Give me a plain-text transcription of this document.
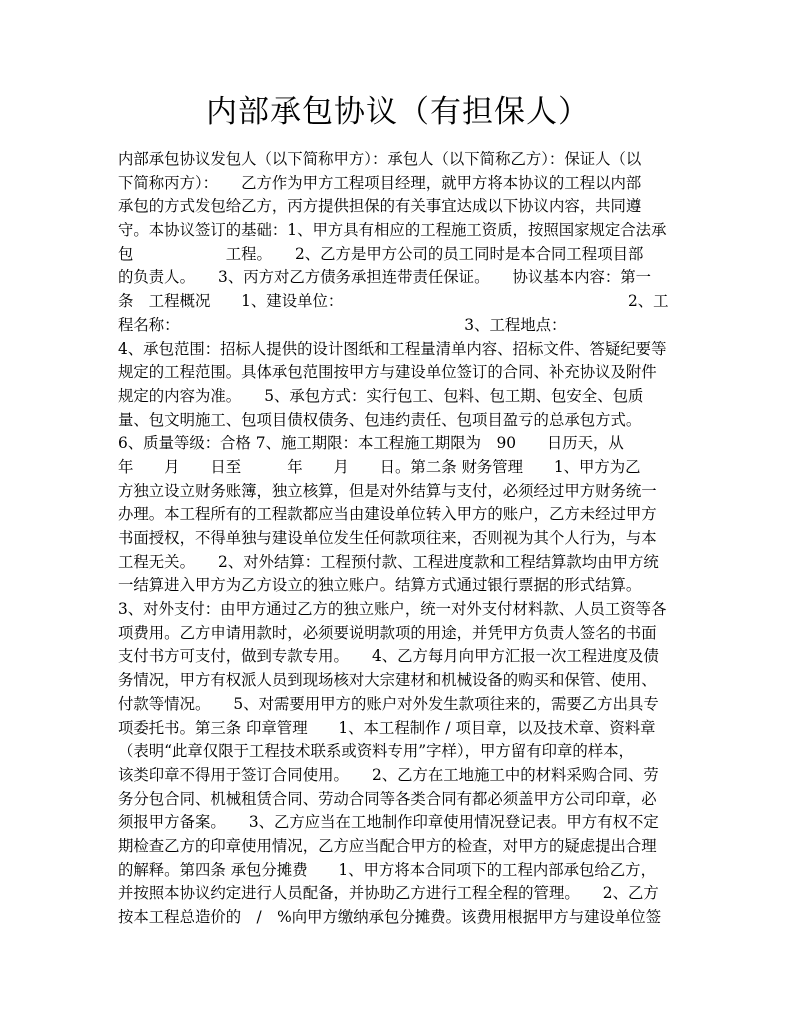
内部承包协议（有担保人）
内部承包协议发包人（以下简称甲方）：承包人（以下简称乙方）：保证人（以
下简称丙方）：　　乙方作为甲方工程项目经理，就甲方将本协议的工程以内部
承包的方式发包给乙方，丙方提供担保的有关事宜达成以下协议内容，共同遵
守。本协议签订的基础：1、甲方具有相应的工程施工资质，按照国家规定合法承
包　　　　　　工程。　　2、乙方是甲方公司的员工同时是本合同工程项目部
的负责人。　　3、丙方对乙方债务承担连带责任保证。　　协议基本内容：第一
条　工程概况　　1、建设单位：　　　　　　　　　　　　　　　　　　　2、工
程名称：　　　　　　　　　　　　　　　　　　　3、工程地点：
4、承包范围：招标人提供的设计图纸和工程量清单内容、招标文件、答疑纪要等
规定的工程范围。具体承包范围按甲方与建设单位签订的合同、补充协议及附件
规定的内容为准。　　5、承包方式：实行包工、包料、包工期、包安全、包质
量、包文明施工、包项目债权债务、包违约责任、包项目盈亏的总承包方式。
6、质量等级：合格 7、施工期限：本工程施工期限为　90　　日历天，从
年　　月　　日至　　　年　　月　　日。第二条 财务管理　　1、甲方为乙
方独立设立财务账簿，独立核算，但是对外结算与支付，必须经过甲方财务统一
办理。本工程所有的工程款都应当由建设单位转入甲方的账户，乙方未经过甲方
书面授权，不得单独与建设单位发生任何款项往来，否则视为其个人行为，与本
工程无关。　　2、对外结算：工程预付款、工程进度款和工程结算款均由甲方统
一结算进入甲方为乙方设立的独立账户。结算方式通过银行票据的形式结算。
3、对外支付：由甲方通过乙方的独立账户，统一对外支付材料款、人员工资等各
项费用。乙方申请用款时，必须要说明款项的用途，并凭甲方负责人签名的书面
支付书方可支付，做到专款专用。　　4、乙方每月向甲方汇报一次工程进度及债
务情况，甲方有权派人员到现场核对大宗建材和机械设备的购买和保管、使用、
付款等情况。　　5、对需要用甲方的账户对外发生款项往来的，需要乙方出具专
项委托书。第三条 印章管理　　1、本工程制作 / 项目章，以及技术章、资料章
（表明“此章仅限于工程技术联系或资料专用”字样），甲方留有印章的样本，
该类印章不得用于签订合同使用。　　2、乙方在工地施工中的材料采购合同、劳
务分包合同、机械租赁合同、劳动合同等各类合同有都必须盖甲方公司印章，必
须报甲方备案。　　3、乙方应当在工地制作印章使用情况登记表。甲方有权不定
期检查乙方的印章使用情况，乙方应当配合甲方的检查，对甲方的疑虑提出合理
的解释。第四条 承包分摊费　　1、甲方将本合同项下的工程内部承包给乙方，
并按照本协议约定进行人员配备，并协助乙方进行工程全程的管理。　　2、乙方
按本工程总造价的　/　%向甲方缴纳承包分摊费。该费用根据甲方与建设单位签
